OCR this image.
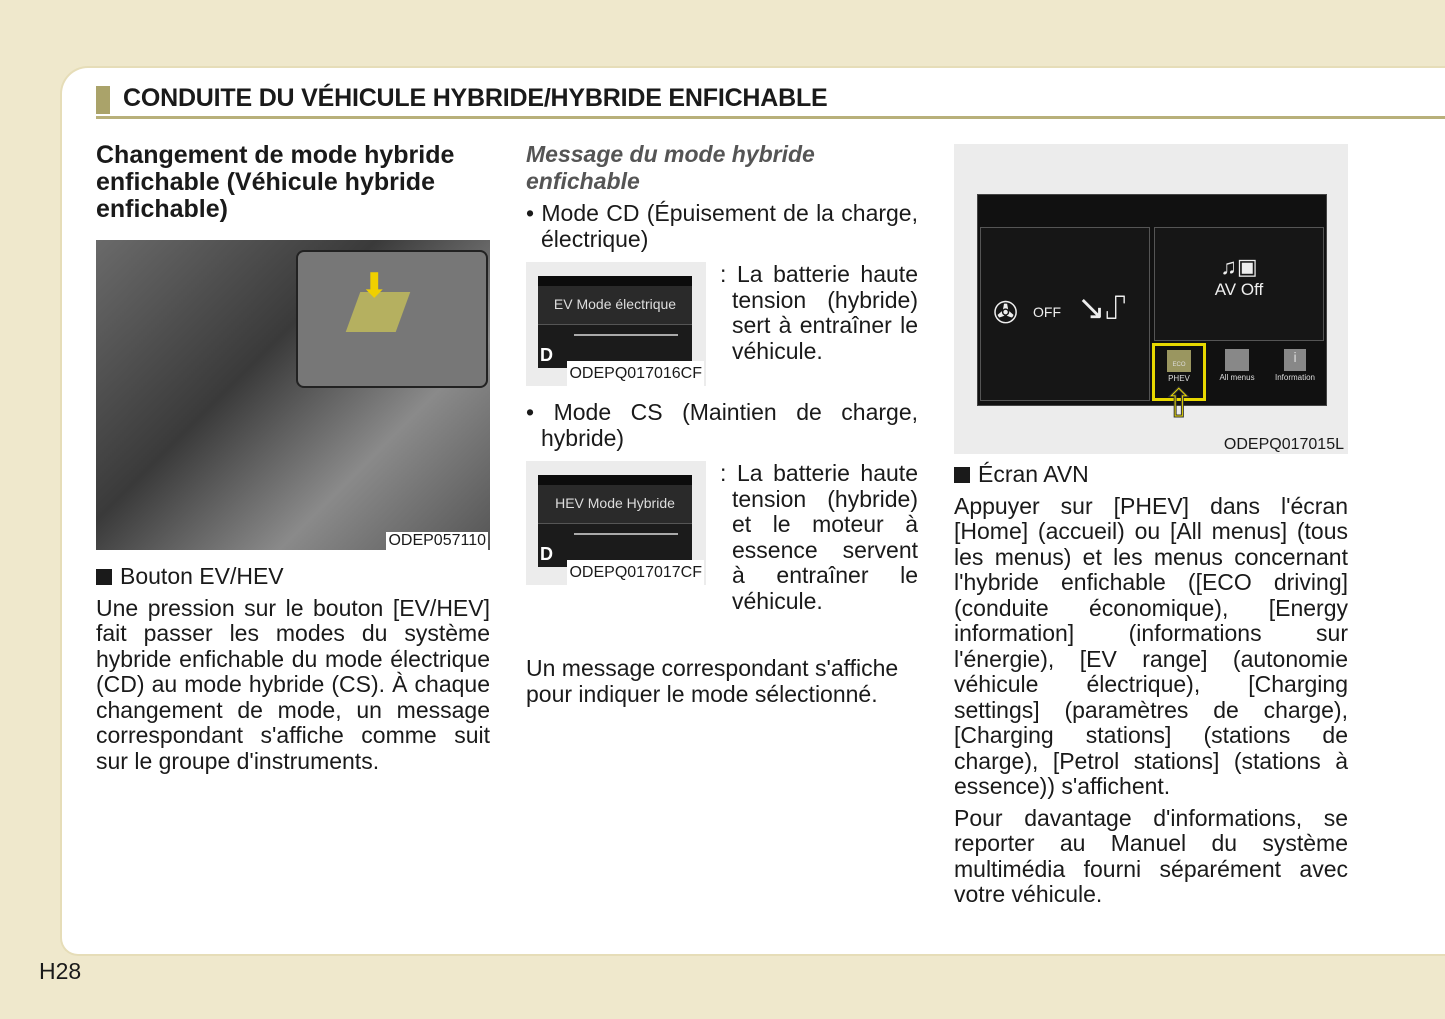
CONDUITE DU VÉHICULE HYBRIDE/HYBRIDE ENFICHABLE
Changement de mode hybride enfichable (Véhicule hybride enfichable)
⬇
ODEP057110
Bouton EV/HEV

Une pression sur le bouton [EV/HEV] fait passer les modes du système hybride enfichable du mode électrique (CD) au mode hybride (CS). À chaque changement de mode, un message correspondant s'affiche comme suit sur le groupe d'instruments.

Message du mode hybride enfichable

• Mode CD (Épuisement de la charge, électrique)

EV Mode électrique
D
ODEPQ017016CF

: La batterie haute tension (hybride) sert à entraîner le véhicule.

• Mode CS (Maintien de charge, hybride)

HEV Mode Hybride
D
ODEPQ017017CF

: La batterie haute tension (hybride) et le moteur à essence servent à entraîner le véhicule.

Un message correspondant s'affiche pour indiquer le mode sélectionné.

✇ OFF ↘⑀
♫▣
AV Off
ECO
PHEV	All menus
i
Information
⇧
ODEPQ017015L
Écran AVN

Appuyer sur [PHEV] dans l'écran [Home] (accueil) ou [All menus] (tous les menus) et les menus concernant l'hybride enfichable ([ECO driving] (conduite économique), [Energy information] (informations sur l'énergie), [EV range] (autonomie véhicule électrique), [Charging settings] (paramètres de charge), [Charging stations] (stations de charge), [Petrol stations] (stations à essence)) s'affichent.

Pour davantage d'informations, se reporter au Manuel du système multimédia fourni séparément avec votre véhicule.

H28
